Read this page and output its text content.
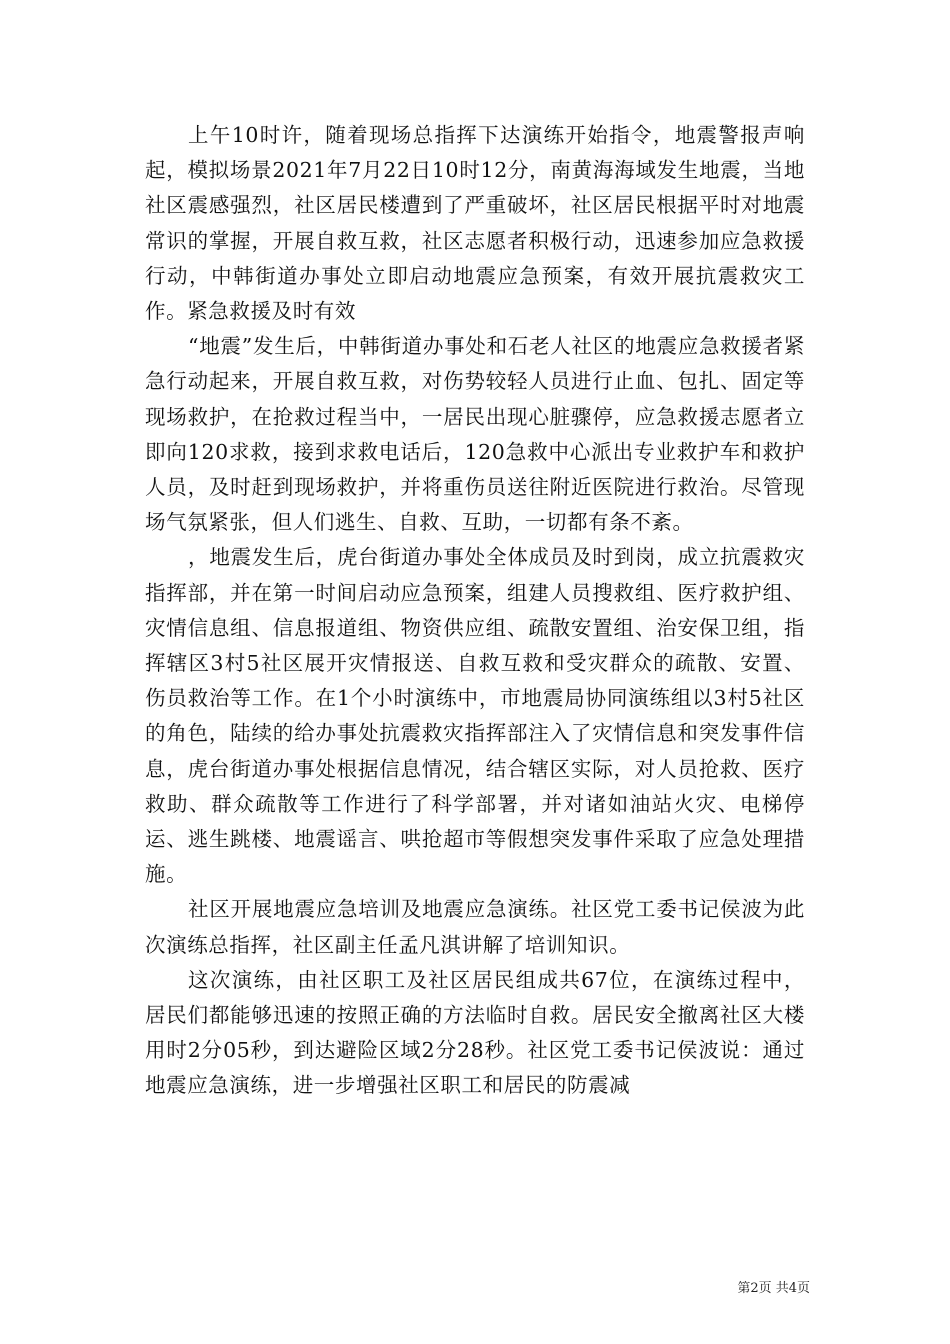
上午10时许，随着现场总指挥下达演练开始指令，地震警报声响起，模拟场景2021年7月22日10时12分，南黄海海域发生地震，当地社区震感强烈，社区居民楼遭到了严重破坏，社区居民根据平时对地震常识的掌握，开展自救互救，社区志愿者积极行动，迅速参加应急救援行动，中韩街道办事处立即启动地震应急预案，有效开展抗震救灾工作。紧急救援及时有效

“地震”发生后，中韩街道办事处和石老人社区的地震应急救援者紧急行动起来，开展自救互救，对伤势较轻人员进行止血、包扎、固定等现场救护，在抢救过程当中，一居民出现心脏骤停，应急救援志愿者立即向120求救，接到求救电话后，120急救中心派出专业救护车和救护人员，及时赶到现场救护，并将重伤员送往附近医院进行救治。尽管现场气氛紧张，但人们逃生、自救、互助，一切都有条不紊。

，地震发生后，虎台街道办事处全体成员及时到岗，成立抗震救灾指挥部，并在第一时间启动应急预案，组建人员搜救组、医疗救护组、灾情信息组、信息报道组、物资供应组、疏散安置组、治安保卫组，指挥辖区3村5社区展开灾情报送、自救互救和受灾群众的疏散、安置、伤员救治等工作。在1个小时演练中，市地震局协同演练组以3村5社区的角色，陆续的给办事处抗震救灾指挥部注入了灾情信息和突发事件信息，虎台街道办事处根据信息情况，结合辖区实际，对人员抢救、医疗救助、群众疏散等工作进行了科学部署，并对诸如油站火灾、电梯停运、逃生跳楼、地震谣言、哄抢超市等假想突发事件采取了应急处理措施。

社区开展地震应急培训及地震应急演练。社区党工委书记侯波为此次演练总指挥，社区副主任孟凡淇讲解了培训知识。

这次演练，由社区职工及社区居民组成共67位，在演练过程中，居民们都能够迅速的按照正确的方法临时自救。居民安全撤离社区大楼用时2分05秒，到达避险区域2分28秒。社区党工委书记侯波说：通过地震应急演练，进一步增强社区职工和居民的防震减

第2页 共4页
